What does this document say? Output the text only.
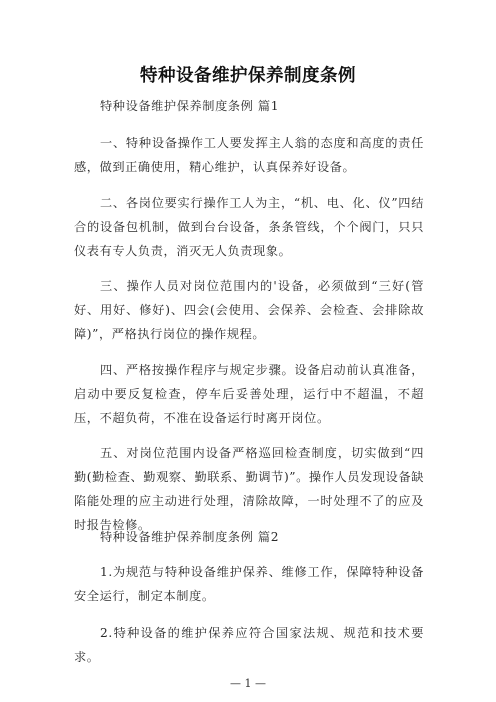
特种设备维护保养制度条例

特种设备维护保养制度条例 篇1

一、特种设备操作工人要发挥主人翁的态度和高度的责任感，做到正确使用，精心维护，认真保养好设备。

二、各岗位要实行操作工人为主，“机、电、化、仪”四结合的设备包机制，做到台台设备，条条管线，个个阀门，只只仪表有专人负责，消灭无人负责现象。

三、操作人员对岗位范围内的'设备，必须做到“三好(管好、用好、修好)、四会(会使用、会保养、会检查、会排除故障)”，严格执行岗位的操作规程。

四、严格按操作程序与规定步骤。设备启动前认真准备，启动中要反复检查，停车后妥善处理，运行中不超温，不超压，不超负荷，不准在设备运行时离开岗位。

五、对岗位范围内设备严格巡回检查制度，切实做到“四勤(勤检查、勤观察、勤联系、勤调节)”。操作人员发现设备缺陷能处理的应主动进行处理，清除故障，一时处理不了的应及时报告检修。

特种设备维护保养制度条例 篇2

1.为规范与特种设备维护保养、维修工作，保障特种设备安全运行，制定本制度。

2.特种设备的维护保养应符合国家法规、规范和技术要求。

— 1 —
